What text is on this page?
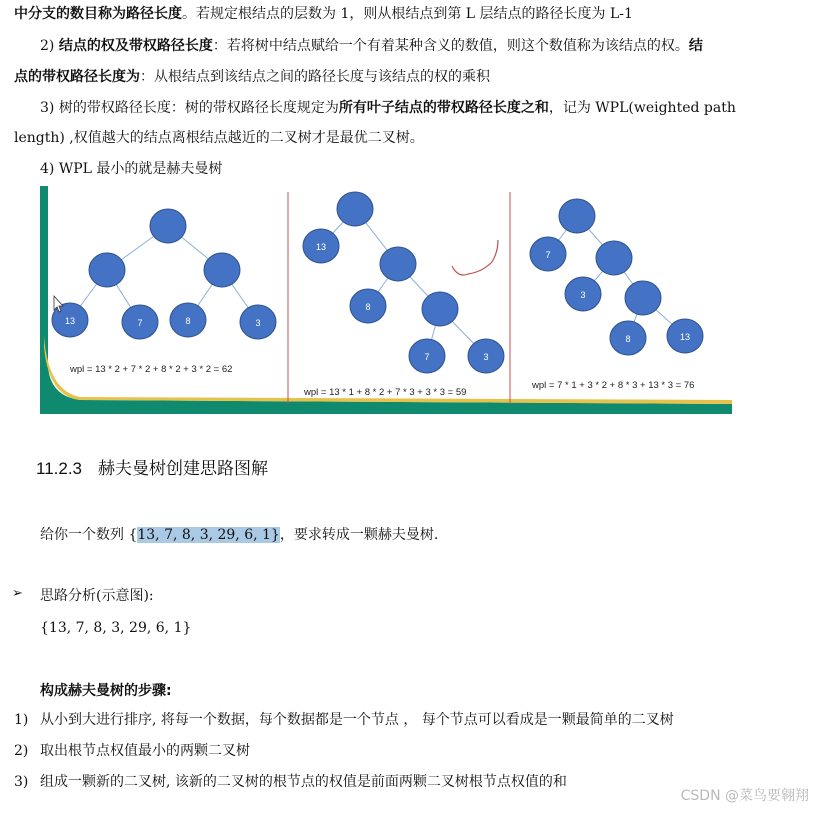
中分支的数目称为路径长度。若规定根结点的层数为 1，则从根结点到第 L 层结点的路径长度为 L-1
2) 结点的权及带权路径长度：若将树中结点赋给一个有着某种含义的数值，则这个数值称为该结点的权。结
点的带权路径长度为：从根结点到该结点之间的路径长度与该结点的权的乘积
3) 树的带权路径长度：树的带权路径长度规定为所有叶子结点的带权路径长度之和，记为 WPL(weighted path
length) ,权值越大的结点离根结点越近的二叉树才是最优二叉树。
4) WPL 最小的就是赫夫曼树
13	7	8	3
wpl = 13 * 2 + 7 * 2 + 8 * 2 + 3 * 2 = 62
13
8
7	3
wpl = 13 * 1 + 8 * 2 + 7 * 3 + 3 * 3 = 59
7
3
8	13
wpl = 7 * 1 + 3 * 2 + 8 * 3 + 13 * 3 = 76
11.2.3 赫夫曼树创建思路图解
给你一个数列 {13, 7, 8, 3, 29, 6, 1}，要求转成一颗赫夫曼树.
➢ 思路分析(示意图):
{13, 7, 8, 3, 29, 6, 1}
构成赫夫曼树的步骤:
1) 从小到大进行排序, 将每一个数据，每个数据都是一个节点 ， 每个节点可以看成是一颗最简单的二叉树
2) 取出根节点权值最小的两颗二叉树
3) 组成一颗新的二叉树, 该新的二叉树的根节点的权值是前面两颗二叉树根节点权值的和
CSDN @菜鸟要翱翔
